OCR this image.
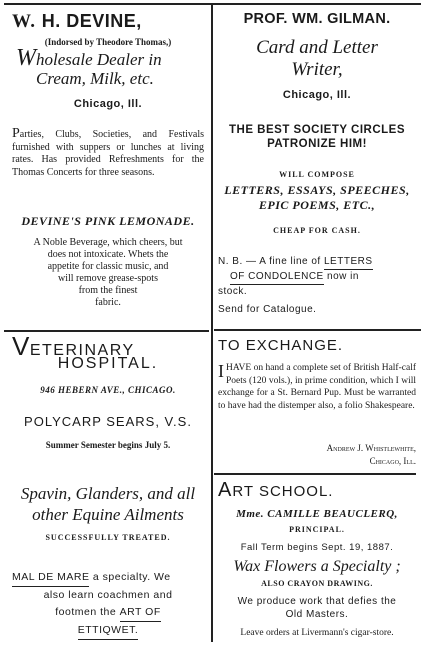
W. H. DEVINE,
(Indorsed by Theodore Thomas,)
Wholesale Dealer in
Cream, Milk, etc.
Chicago, Ill.
Parties, Clubs, Societies, and Festivals furnished with suppers or lunches at living rates. Has provided Refreshments for the Thomas Concerts for three seasons.
DEVINE'S PINK LEMONADE.
A Noble Beverage, which cheers, but
does not intoxicate. Whets the
appetite for classic music, and
will remove grease-spots
from the finest
fabric.
VETERINARY
HOSPITAL.
946 HEBERN AVE., CHICAGO.
POLYCARP SEARS, V.S.
Summer Semester begins July 5.
Spavin, Glanders, and all
other Equine Ailments
SUCCESSFULLY TREATED.
MAL DE MARE a specialty. We
also learn coachmen and
footmen the ART OF
ETTIQWET.
PROF. WM. GILMAN.
Card and Letter
Writer,
Chicago, Ill.
THE BEST SOCIETY CIRCLES
PATRONIZE HIM!
WILL COMPOSE
LETTERS, ESSAYS, SPEECHES,
EPIC POEMS, ETC.,
CHEAP FOR CASH.
N. B. — A fine line of LETTERS
OF CONDOLENCE now in
stock.
Send for Catalogue.
TO EXCHANGE.
IHAVE on hand a complete set of British Half-calf Poets (120 vols.), in prime condition, which I will exchange for a St. Bernard Pup. Must be warranted to have had the distemper also, a folio Shakespeare.
Andrew J. Whistlewhite,
Chicago, Ill.
ART SCHOOL.
Mme. CAMILLE BEAUCLERQ,
PRINCIPAL.
Fall Term begins Sept. 19, 1887.
Wax Flowers a Specialty ;
ALSO CRAYON DRAWING.
We produce work that defies the
Old Masters.
Leave orders at Livermann's cigar-store.
